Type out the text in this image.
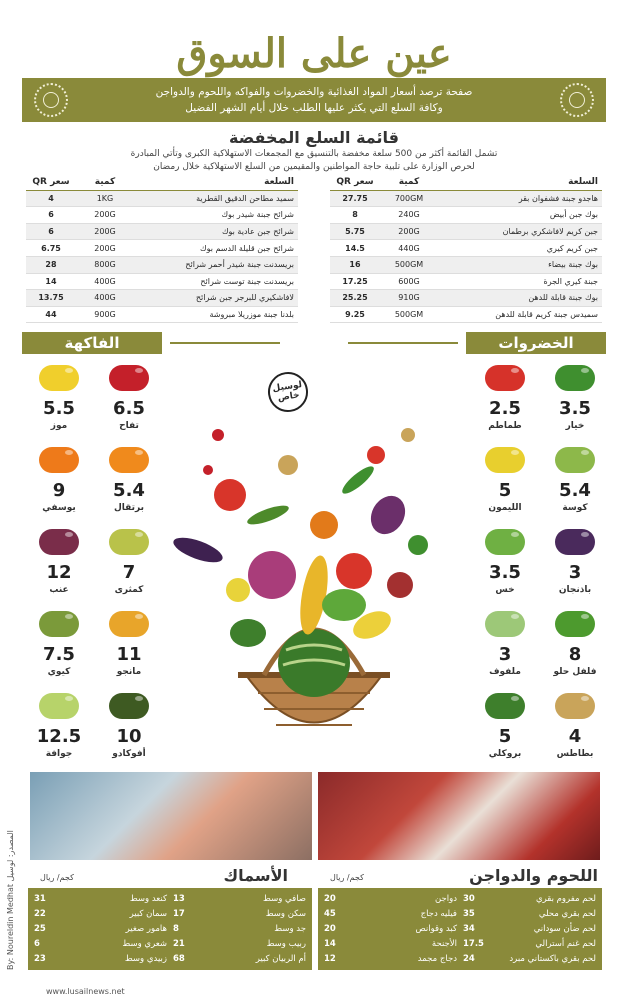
عين على السوق
صفحة ترصد أسعار المواد الغذائية والخضروات والفواكه واللحوم والدواجن
وكافة السلع التي يكثر عليها الطلب خلال أيام الشهر الفضيل
قائمة السلع المخفضة
تشمل القائمة أكثر من 500 سلعة مخفضة بالتنسيق مع المجمعات الاستهلاكية الكبرى وتأتي المبادرة
لحرص الوزارة على تلبية حاجة المواطنين والمقيمين من السلع الاستهلاكية خلال رمضان
السلعة
كمية
سعر QR
هاجدو جبنة فشفوان بقر
700GM
27.75
بوك جبن أبيض
240G
8
جبن كريم لافاشكري برطمان
200G
5.75
جبن كريم كيري
440G
14.5
بوك جبنة بيضاء
500GM
16
جبنة كيري الجرة
600G
17.25
بوك جبنة قابلة للدهن
910G
25.25
سميدس جبنة كريم قابلة للدهن
500GM
9.25
السلعة
كمية
سعر QR
سميد مطاحن الدقيق القطرية
1KG
4
شرائح جبنة شيدر بوك
200G
6
شرائح جبن عادية بوك
200G
6
شرائح جبن قليلة الدسم بوك
200G
6.75
بريسدنت جبنة شيدر أحمر شرائح
800G
28
بريسدنت جبنة توست شرائح
400G
14
لافاشكيري للبرجر جبن شرائح
400G
13.75
بلدنا جبنة موزريلا مبروشة
900G
44
الخضروات
الفاكهة
3.5
خيار
2.5
طماطم
5.4
كوسة
5
الليمون
3
باذنجان
3.5
خس
8
فلفل حلو
3
ملفوف
4
بطاطس
5
بروكلي
6.5
تفاح
5.5
موز
5.4
برتقال
9
يوسفي
7
كمثرى
12
عنب
11
مانجو
7.5
كيوي
10
أفوكادو
12.5
جوافة
لوسيل
خاص
اللحوم والدواجن
كجم/ ريال
الأسماك
كجم/ ريال
لحم مفروم بقري
30
لحم بقري محلي
35
لحم ضأن سوداني
34
لحم غنم أسترالي
17.5
لحم بقري باكستاني مبرد
24
دواجن
20
فيليه دجاج
45
كبد وقوانص
20
الأجنحة
14
دجاج مجمد
12
صافي وسط
13
سكن وسط
17
جد وسط
8
ربيب وسط
21
أم الربيان كبير
68
كنعد وسط
31
سمان كبير
22
هامور صغير
25
شعري وسط
6
زبيدي وسط
23
By: Noureldin Medhat المصدر: لوسيل
www.lusailnews.net
